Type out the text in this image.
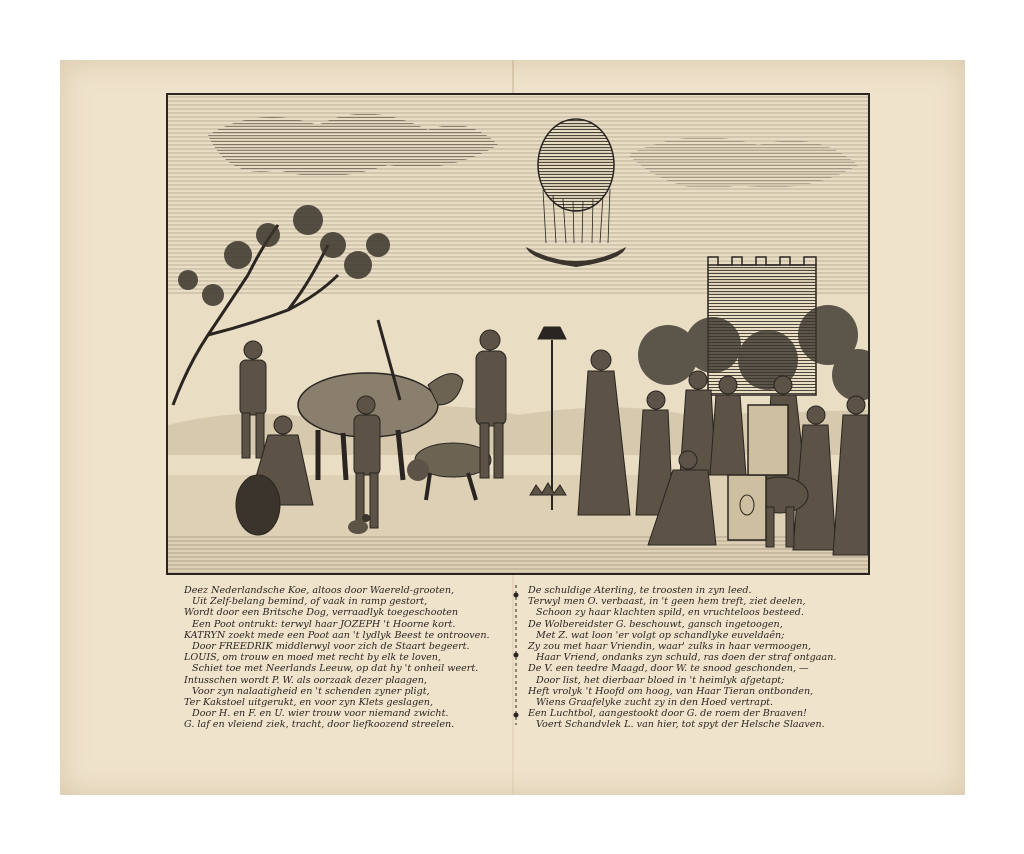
Deez Nederlandsche Koe, altoos door Waereld-grooten,
Uit Zelf-belang bemind, of vaak in ramp gestort,
Wordt door een Britsche Dog, verraadlyk toegeschooten
Een Poot ontrukt: terwyl haar JOZEPH 't Hoorne kort.
KATRYN zoekt mede een Poot aan 't lydlyk Beest te ontrooven.
Door FREEDRIK middlerwyl voor zich de Staart begeert.
LOUIS, om trouw en moed met recht by elk te loven,
Schiet toe met Neerlands Leeuw, op dat hy 't onheil weert.
Intusschen wordt P. W. als oorzaak dezer plaagen,
Voor zyn nalaatigheid en 't schenden zyner pligt,
Ter Kakstoel uitgerukt, en voor zyn Klets geslagen,
Door H. en F. en U. wier trouw voor niemand zwicht.
G. laf en vleiend ziek, tracht, door liefkoozend streelen.
De schuldige Aterling, te troosten in zyn leed.
Terwyl men O. verbaast, in 't geen hem treft, ziet deelen,
Schoon zy haar klachten spild, en vruchteloos besteed.
De Wolbereidster G. beschouwt, gansch ingetoogen,
Met Z. wat loon 'er volgt op schandlyke euveldaên;
Zy zou met haar Vriendin, waar' zulks in haar vermoogen,
Haar Vriend, ondanks zyn schuld, ras doen der straf ontgaan.
De V. een teedre Maagd, door W. te snood geschonden, —
Door list, het dierbaar bloed in 't heimlyk afgetapt;
Heft vrolyk 't Hoofd om hoog, van Haar Tieran ontbonden,
Wiens Graafelyke zucht zy in den Hoed vertrapt.
Een Luchtbol, aangestookt door G. de roem der Braaven!
Voert Schandvlek L. van hier, tot spyt der Helsche Slaaven.
